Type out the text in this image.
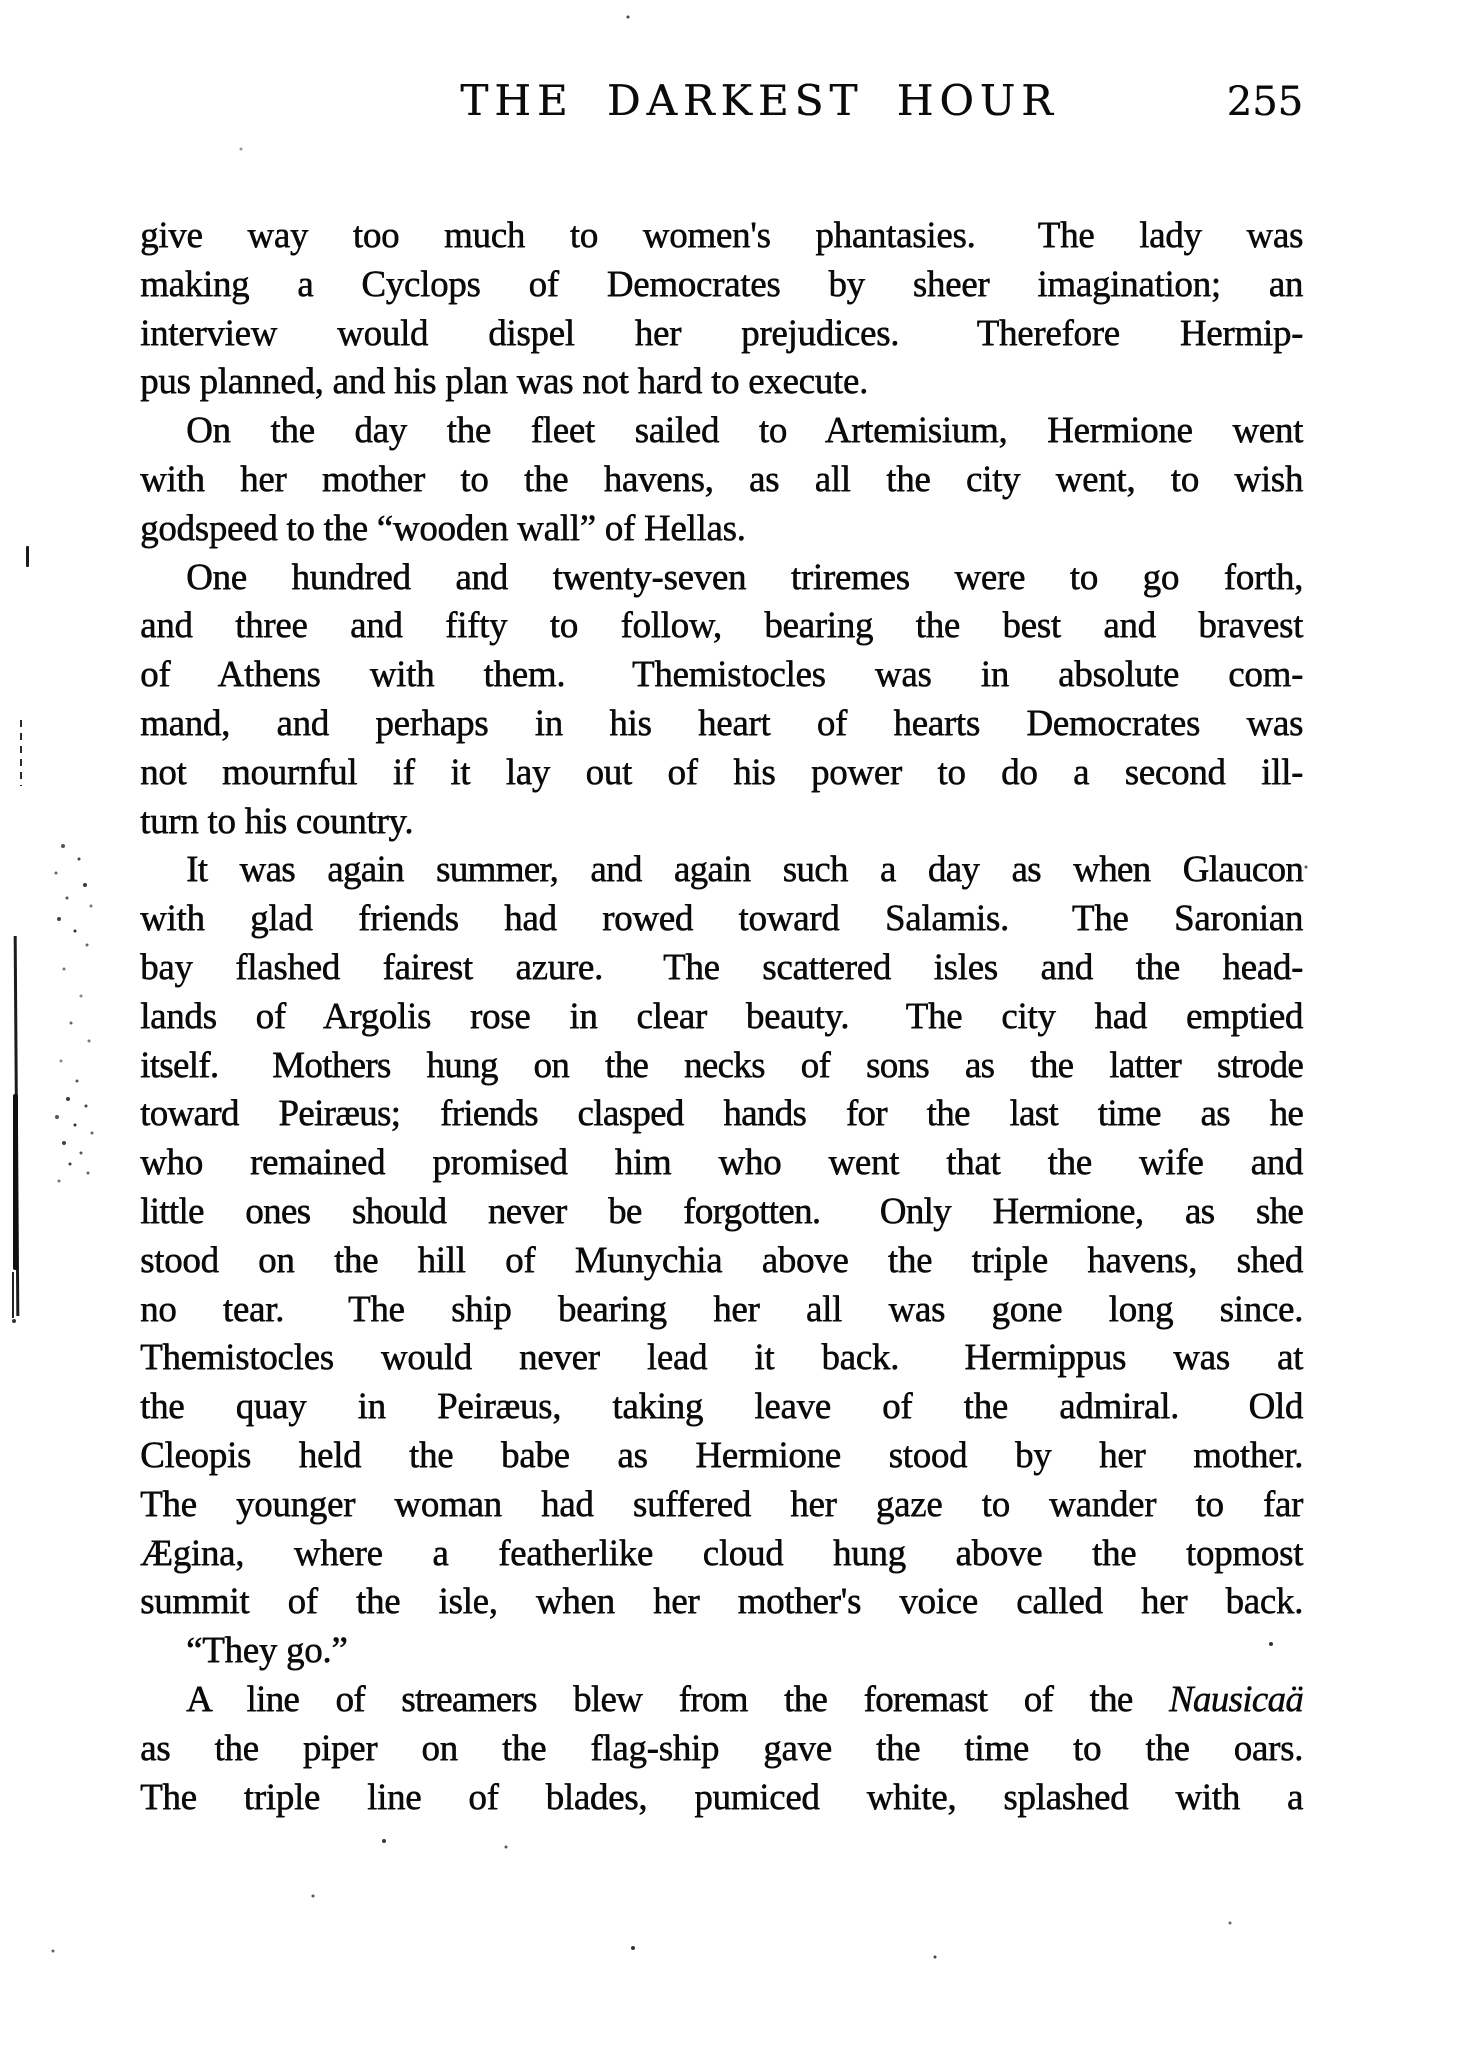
THE DARKEST HOUR	255
give way too much to women's phantasies.  The lady was
making a Cyclops of Democrates by sheer imagination; an
interview would dispel her prejudices.  Therefore Hermip-
pus planned, and his plan was not hard to execute.
On the day the fleet sailed to Artemisium, Hermione went
with her mother to the havens, as all the city went, to wish
godspeed to the “wooden wall” of Hellas.
One hundred and twenty-seven triremes were to go forth,
and three and fifty to follow, bearing the best and bravest
of Athens with them.  Themistocles was in absolute com-
mand, and perhaps in his heart of hearts Democrates was
not mournful if it lay out of his power to do a second ill-
turn to his country.
It was again summer, and again such a day as when Glaucon
with glad friends had rowed toward Salamis.  The Saronian
bay flashed fairest azure.  The scattered isles and the head-
lands of Argolis rose in clear beauty.  The city had emptied
itself.  Mothers hung on the necks of sons as the latter strode
toward Peiræus; friends clasped hands for the last time as he
who remained promised him who went that the wife and
little ones should never be forgotten.  Only Hermione, as she
stood on the hill of Munychia above the triple havens, shed
no tear.  The ship bearing her all was gone long since.
Themistocles would never lead it back.  Hermippus was at
the quay in Peiræus, taking leave of the admiral.  Old
Cleopis held the babe as Hermione stood by her mother.
The younger woman had suffered her gaze to wander to far
Ægina, where a featherlike cloud hung above the topmost
summit of the isle, when her mother's voice called her back.
“They go.”
A line of streamers blew from the foremast of the Nausicaä
as the piper on the flag-ship gave the time to the oars.
The triple line of blades, pumiced white, splashed with a
